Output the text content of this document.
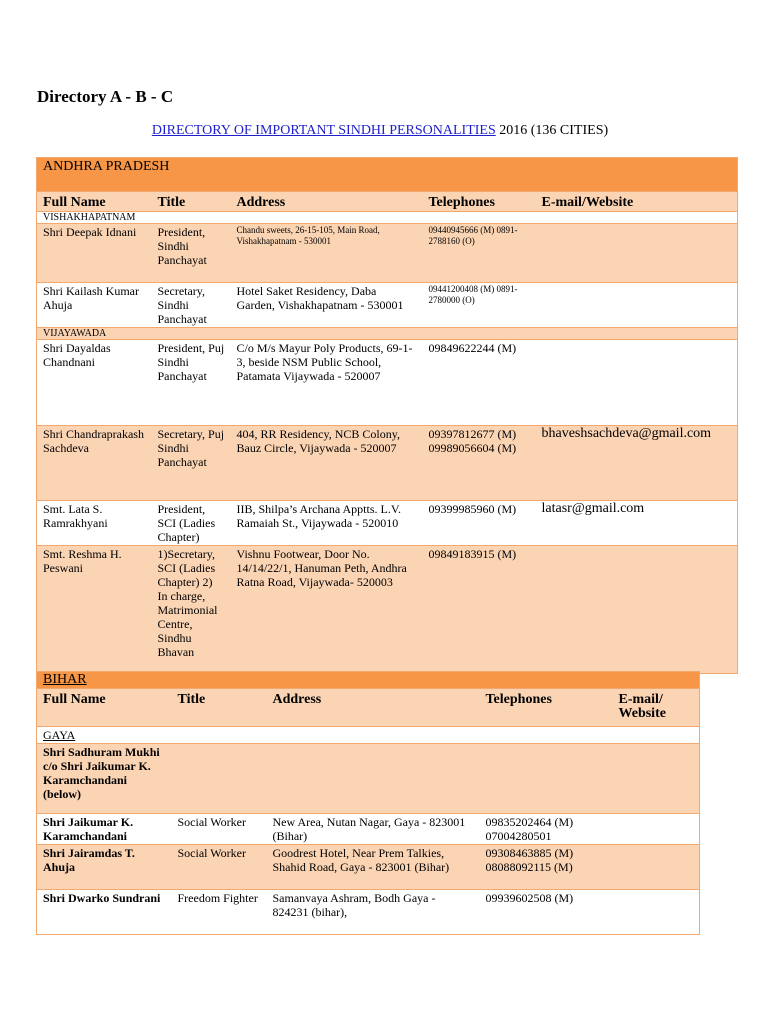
Directory A - B - C
DIRECTORY OF IMPORTANT SINDHI PERSONALITIES 2016 (136 CITIES)
ANDHRA PRADESH				
Full Name	Title	Address	Telephones	E-mail/Website
VISHAKHAPATNAM				
Shri Deepak Idnani	President, Sindhi Panchayat	Chandu sweets, 26-15-105, Main Road, Vishakhapatnam - 530001	09440945666 (M) 0891-2788160 (O)	
Shri Kailash Kumar Ahuja	Secretary, Sindhi Panchayat	Hotel Saket Residency, Daba Garden, Vishakhapatnam - 530001	09441200408 (M) 0891-2780000 (O)	
VIJAYAWADA				
Shri Dayaldas Chandnani	President, Puj Sindhi Panchayat	C/o M/s Mayur Poly Products, 69-1-3, beside NSM Public School, Patamata Vijaywada - 520007	09849622244 (M)	
Shri Chandraprakash Sachdeva	Secretary, Puj Sindhi Panchayat	404, RR Residency, NCB Colony, Bauz Circle, Vijaywada - 520007	09397812677 (M) 09989056604 (M)	bhaveshsachdeva@gmail.com
Smt. Lata S. Ramrakhyani	President, SCI (Ladies Chapter)	IIB, Shilpa’s Archana Apptts. L.V. Ramaiah St., Vijaywada - 520010	09399985960 (M)	latasr@gmail.com
Smt. Reshma H. Peswani	1)Secretary, SCI (Ladies Chapter) 2) In charge, Matrimonial Centre, Sindhu Bhavan	Vishnu Footwear, Door No. 14/14/22/1, Hanuman Peth, Andhra Ratna Road, Vijaywada- 520003	09849183915 (M)	
BIHAR				
Full Name	Title	Address	Telephones	E-mail/ Website
GAYA				
Shri Sadhuram Mukhi c/o Shri Jaikumar K. Karamchandani (below)				
Shri Jaikumar K. Karamchandani	Social Worker	New Area, Nutan Nagar, Gaya - 823001 (Bihar)	09835202464 (M) 07004280501	
Shri Jairamdas T. Ahuja	Social Worker	Goodrest Hotel, Near Prem Talkies, Shahid Road, Gaya - 823001 (Bihar)	09308463885 (M) 08088092115 (M)	
Shri Dwarko Sundrani	Freedom Fighter	Samanvaya Ashram, Bodh Gaya - 824231 (bihar),	09939602508 (M)	
